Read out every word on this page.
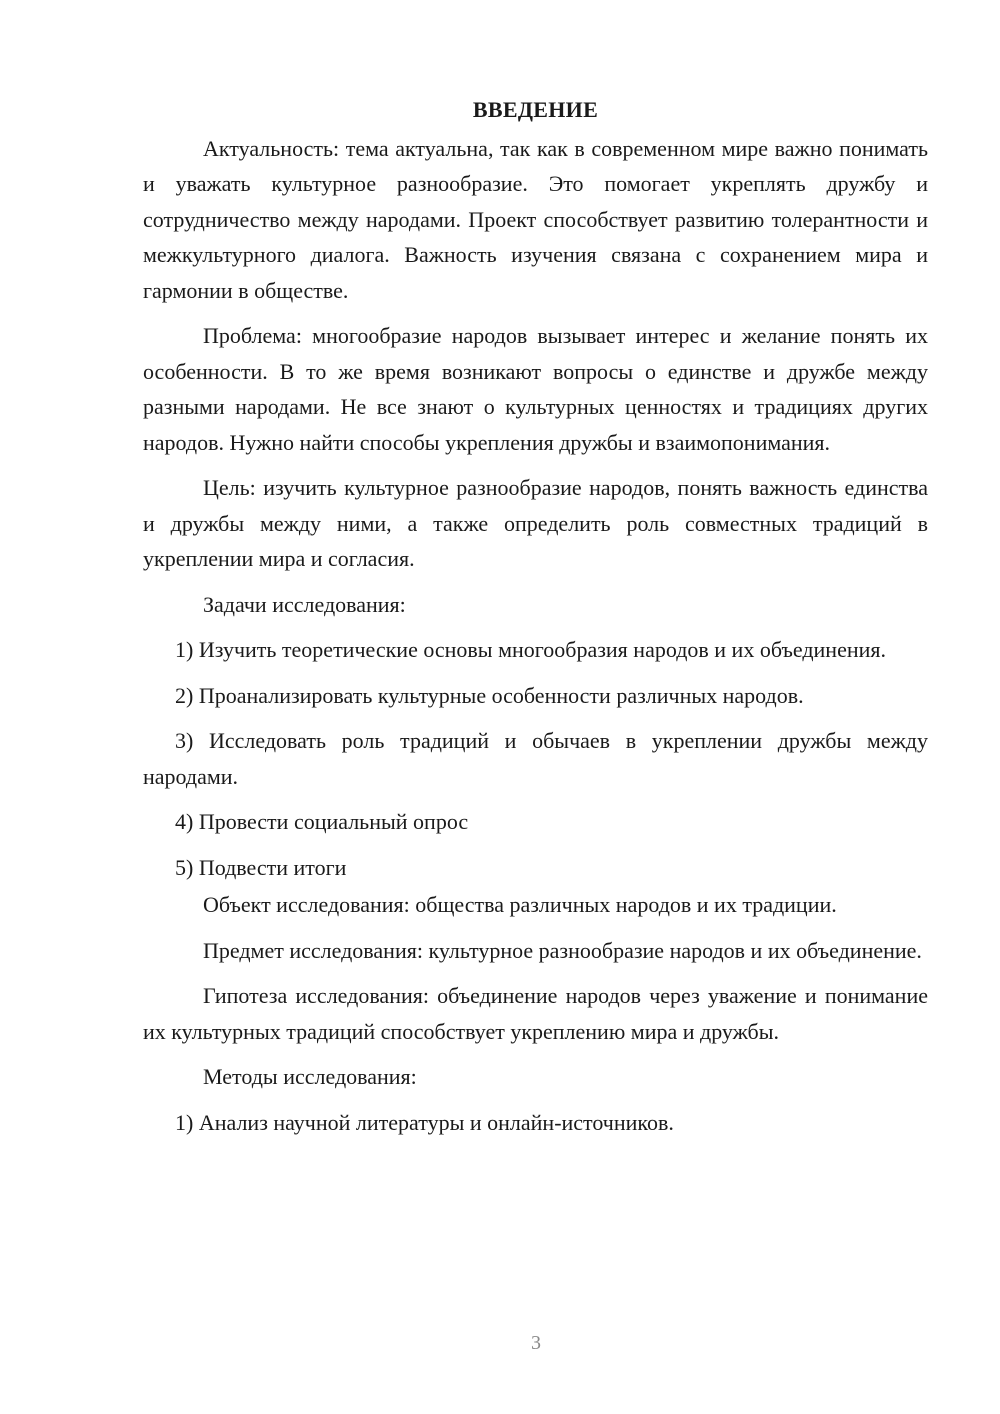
ВВЕДЕНИЕ

Актуальность: тема актуальна, так как в современном мире важно понимать и уважать культурное разнообразие. Это помогает укреплять дружбу и сотрудничество между народами. Проект способствует развитию толерантности и межкультурного диалога. Важность изучения связана с сохранением мира и гармонии в обществе.

Проблема: многообразие народов вызывает интерес и желание понять их особенности. В то же время возникают вопросы о единстве и дружбе между разными народами. Не все знают о культурных ценностях и традициях других народов. Нужно найти способы укрепления дружбы и взаимопонимания.

Цель: изучить культурное разнообразие народов, понять важность единства и дружбы между ними, а также определить роль совместных традиций в укреплении мира и согласия.

Задачи исследования:

1) Изучить теоретические основы многообразия народов и их объединения.

2) Проанализировать культурные особенности различных народов.

3) Исследовать роль традиций и обычаев в укреплении дружбы между народами.

4) Провести социальный опрос

5) Подвести итоги

Объект исследования: общества различных народов и их традиции.

Предмет исследования: культурное разнообразие народов и их объединение.

Гипотеза исследования: объединение народов через уважение и понимание их культурных традиций способствует укреплению мира и дружбы.

Методы исследования:

1) Анализ научной литературы и онлайн-источников.

3
